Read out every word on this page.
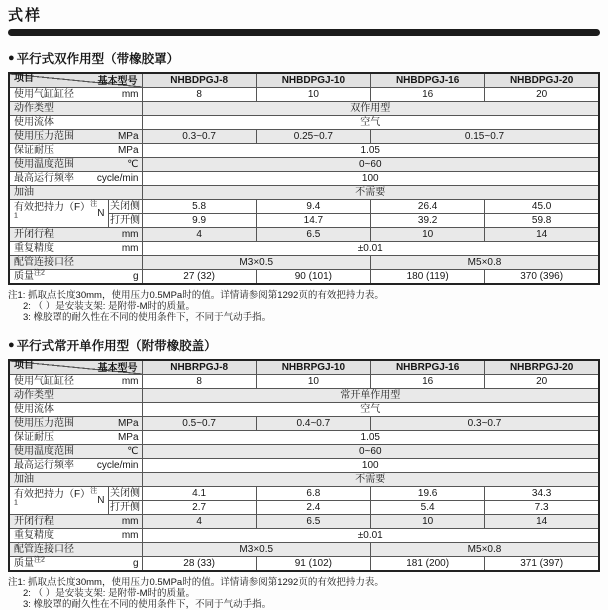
式样
● 平行式双作用型（带橡胶罩）
基本型号
项目		NHBDPGJ-8	NHBDPGJ-10	NHBDPGJ-16	NHBDPGJ-20

使用气缸缸径 mm		8	10	16	20

动作类型		双作用型			

使用流体		空气			

使用压力范围 MPa		0.3~0.7	0.25~0.7	0.15~0.7	

保证耐压 MPa		1.05			

使用温度范围 ℃		0~60			

最高运行频率 cycle/min		100			

加油		不需要			

有效把持力$(F)^{注1}$ N	关闭侧	5.8	9.4	26.4	45.0
	打开侧	9.9	14.7	39.2	59.8

开闭行程 mm		4	6.5	10	14

重复精度 mm		±0.01			

配管连接口径		M3×0.5		M5×0.8	

质量$^{注2}$ g		27 (32)	90 (101)	180 (119)	370 (396)
注1: 抓取点长度30mm，使用压力0.5MPa时的值。详情请参阅第1292页的有效把持力表。
2: （ ）是安装支架: 是附带-M时的质量。
3: 橡胶罩的耐久性在不同的使用条件下，不同于气动手指。
● 平行式常开单作用型（附带橡胶盖）
基本型号
项目		NHBRPGJ-8	NHBRPGJ-10	NHBRPGJ-16	NHBRPGJ-20

使用气缸缸径 mm		8	10	16	20

动作类型		常开单作用型			

使用流体		空气			

使用压力范围 MPa		0.5~0.7	0.4~0.7	0.3~0.7	

保证耐压 MPa		1.05			

使用温度范围 ℃		0~60			

最高运行频率 cycle/min		100			

加油		不需要			

有效把持力$(F)^{注1}$ N	关闭侧	4.1	6.8	19.6	34.3
	打开侧	2.7	2.4	5.4	7.3

开闭行程 mm		4	6.5	10	14

重复精度 mm		±0.01			

配管连接口径		M3×0.5		M5×0.8	

质量$^{注2}$ g		28 (33)	91 (102)	181 (200)	371 (397)
注1: 抓取点长度30mm，使用压力0.5MPa时的值。详情请参阅第1292页的有效把持力表。
2: （ ）是安装支架: 是附带-M时的质量。
3: 橡胶罩的耐久性在不同的使用条件下，不同于气动手指。
